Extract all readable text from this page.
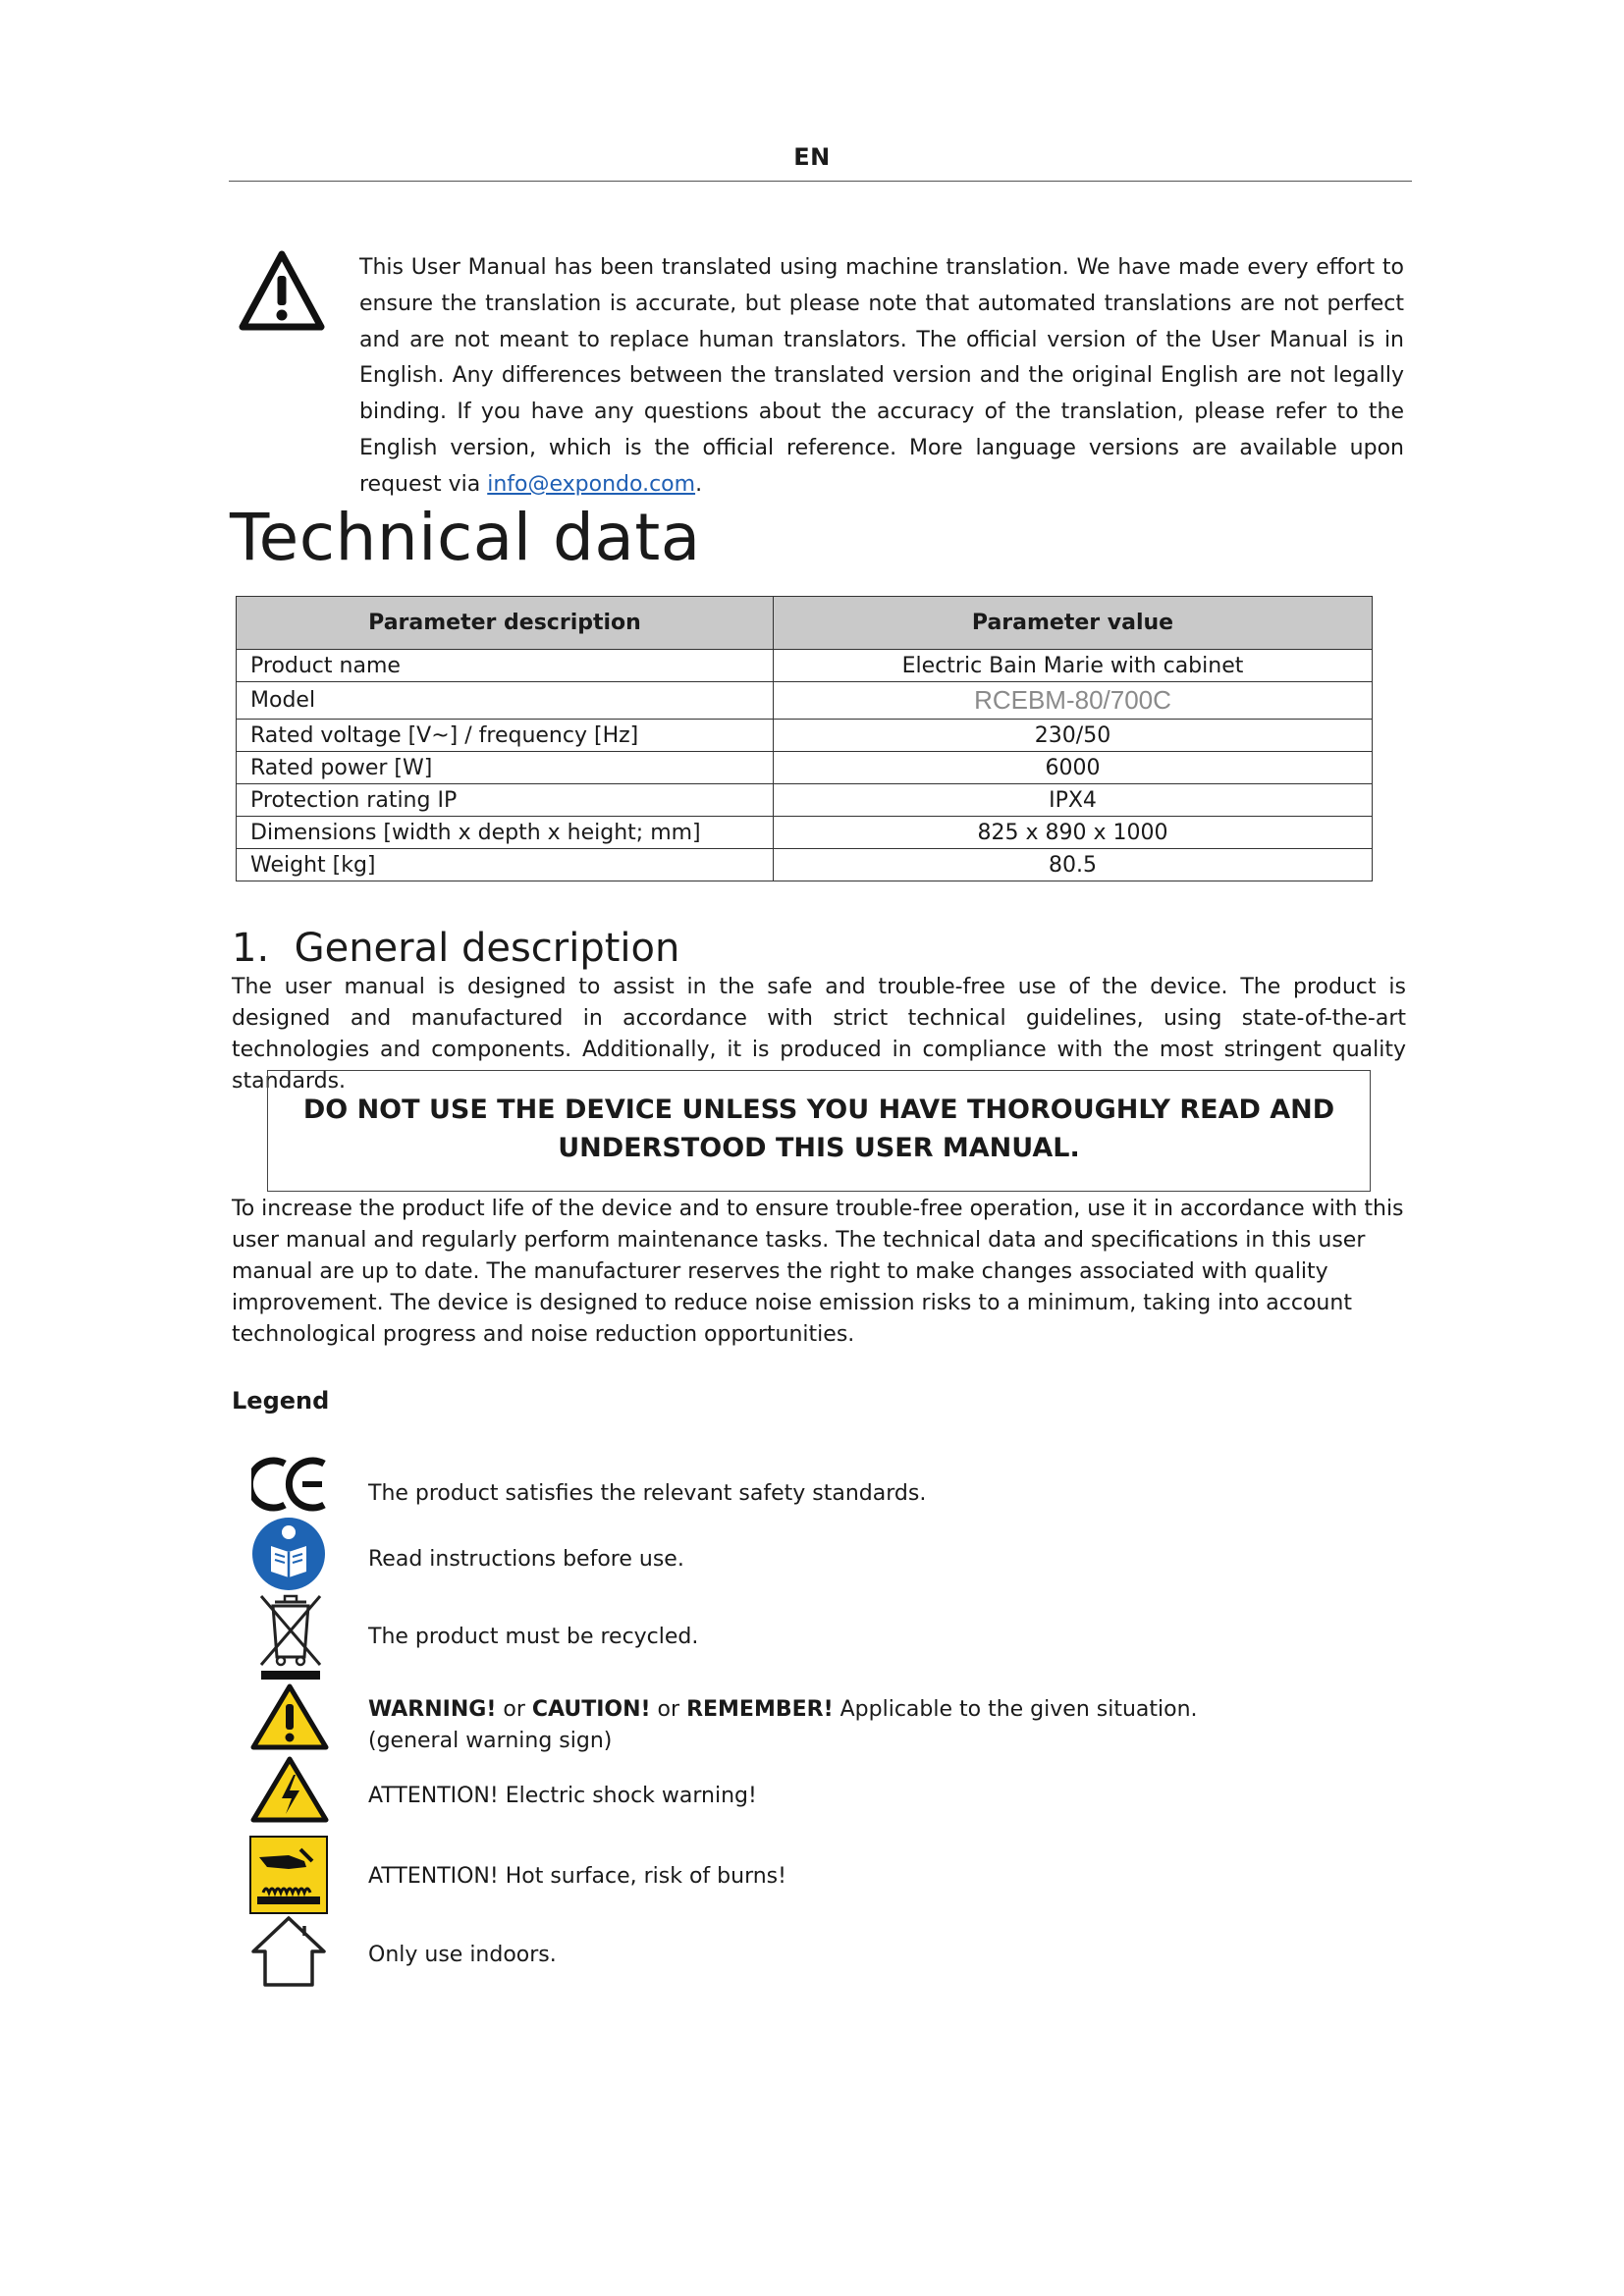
EN
This User Manual has been translated using machine translation. We have made every effort to ensure the translation is accurate, but please note that automated translations are not perfect and are not meant to replace human translators. The official version of the User Manual is in English. Any differences between the translated version and the original English are not legally binding. If you have any questions about the accuracy of the translation, please refer to the English version, which is the official reference. More language versions are available upon request via info@expondo.com.
Technical data
Parameter description	Parameter value
Product name	Electric Bain Marie with cabinet
Model	RCEBM-80/700C
Rated voltage [V~] / frequency [Hz]	230/50
Rated power [W]	6000
Protection rating IP	IPX4
Dimensions [width x depth x height; mm]	825 x 890 x 1000
Weight [kg]	80.5
1.  General description
The user manual is designed to assist in the safe and trouble-free use of the device. The product is designed and manufactured in accordance with strict technical guidelines, using state-of-the-art technologies and components. Additionally, it is produced in compliance with the most stringent quality standards.
DO NOT USE THE DEVICE UNLESS YOU HAVE THOROUGHLY READ AND
UNDERSTOOD THIS USER MANUAL.
To increase the product life of the device and to ensure trouble-free operation, use it in accordance with this user manual and regularly perform maintenance tasks. The technical data and specifications in this user manual are up to date. The manufacturer reserves the right to make changes associated with quality improvement. The device is designed to reduce noise emission risks to a minimum, taking into account technological progress and noise reduction opportunities.
Legend
The product satisfies the relevant safety standards.
Read instructions before use.
The product must be recycled.
WARNING! or CAUTION! or REMEMBER! Applicable to the given situation.
(general warning sign)
ATTENTION! Electric shock warning!
ATTENTION! Hot surface, risk of burns!
Only use indoors.
